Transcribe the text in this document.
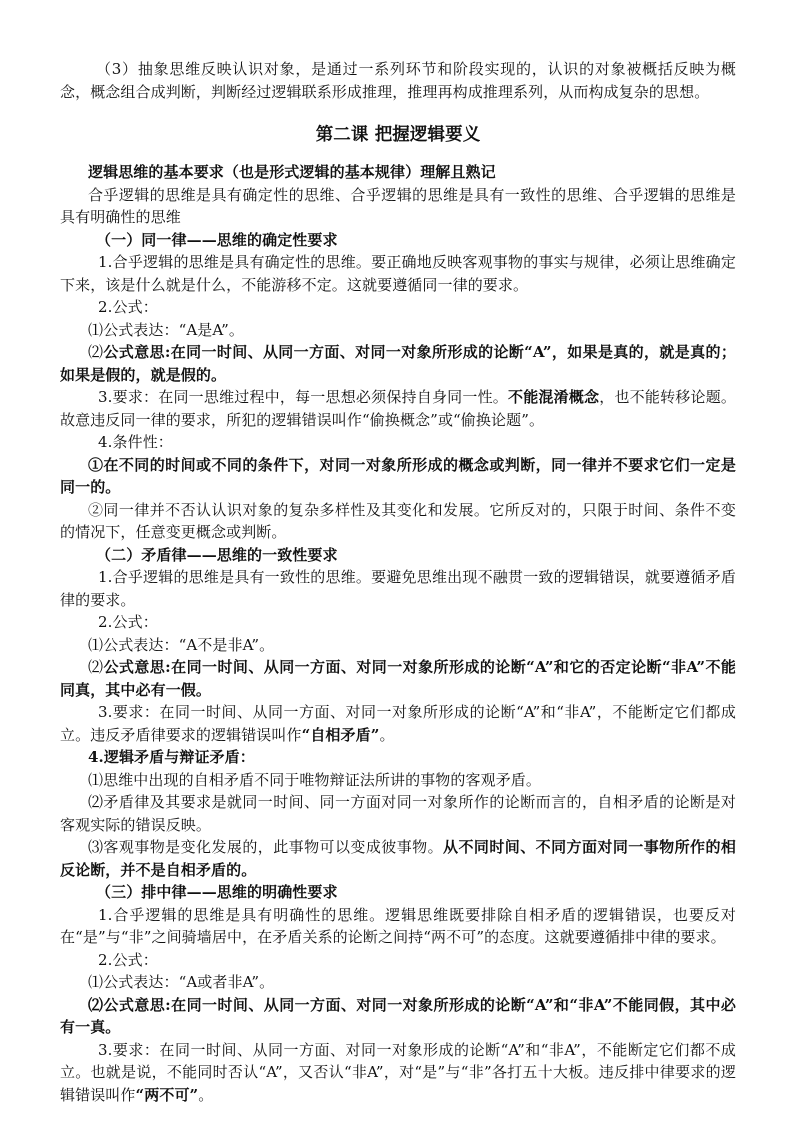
（3）抽象思维反映认识对象，是通过一系列环节和阶段实现的，认识的对象被概括反映为概念，概念组合成判断，判断经过逻辑联系形成推理，推理再构成推理系列，从而构成复杂的思想。

第二课 把握逻辑要义

逻辑思维的基本要求（也是形式逻辑的基本规律）理解且熟记

合乎逻辑的思维是具有确定性的思维、合乎逻辑的思维是具有一致性的思维、合乎逻辑的思维是具有明确性的思维

（一）同一律——思维的确定性要求

1.合乎逻辑的思维是具有确定性的思维。要正确地反映客观事物的事实与规律，必须让思维确定下来，该是什么就是什么，不能游移不定。这就要遵循同一律的要求。

2.公式：

⑴公式表达：“A是A”。

⑵公式意思:在同一时间、从同一方面、对同一对象所形成的论断“A”，如果是真的，就是真的；如果是假的，就是假的。

3.要求：在同一思维过程中，每一思想必须保持自身同一性。不能混淆概念，也不能转移论题。故意违反同一律的要求，所犯的逻辑错误叫作“偷换概念”或“偷换论题”。

4.条件性：

①在不同的时间或不同的条件下，对同一对象所形成的概念或判断，同一律并不要求它们一定是同一的。

②同一律并不否认认识对象的复杂多样性及其变化和发展。它所反对的，只限于时间、条件不变的情况下，任意变更概念或判断。

（二）矛盾律——思维的一致性要求

1.合乎逻辑的思维是具有一致性的思维。要避免思维出现不融贯一致的逻辑错误，就要遵循矛盾律的要求。

2.公式：

⑴公式表达：“A不是非A”。

⑵公式意思:在同一时间、从同一方面、对同一对象所形成的论断“A”和它的否定论断“非A”不能同真，其中必有一假。

3.要求：在同一时间、从同一方面、对同一对象所形成的论断“A”和“非A”，不能断定它们都成立。违反矛盾律要求的逻辑错误叫作“自相矛盾”。

4.逻辑矛盾与辩证矛盾：

⑴思维中出现的自相矛盾不同于唯物辩证法所讲的事物的客观矛盾。

⑵矛盾律及其要求是就同一时间、同一方面对同一对象所作的论断而言的，自相矛盾的论断是对客观实际的错误反映。

⑶客观事物是变化发展的，此事物可以变成彼事物。从不同时间、不同方面对同一事物所作的相反论断，并不是自相矛盾的。

（三）排中律——思维的明确性要求

1.合乎逻辑的思维是具有明确性的思维。逻辑思维既要排除自相矛盾的逻辑错误，也要反对在“是”与“非”之间骑墙居中，在矛盾关系的论断之间持“两不可”的态度。这就要遵循排中律的要求。

2.公式：

⑴公式表达：“A或者非A”。

⑵公式意思:在同一时间、从同一方面、对同一对象所形成的论断“A”和“非A”不能同假，其中必有一真。

3.要求：在同一时间、从同一方面、对同一对象形成的论断“A”和“非A”，不能断定它们都不成立。也就是说，不能同时否认“A”，又否认“非A”，对“是”与“非”各打五十大板。违反排中律要求的逻辑错误叫作“两不可”。
